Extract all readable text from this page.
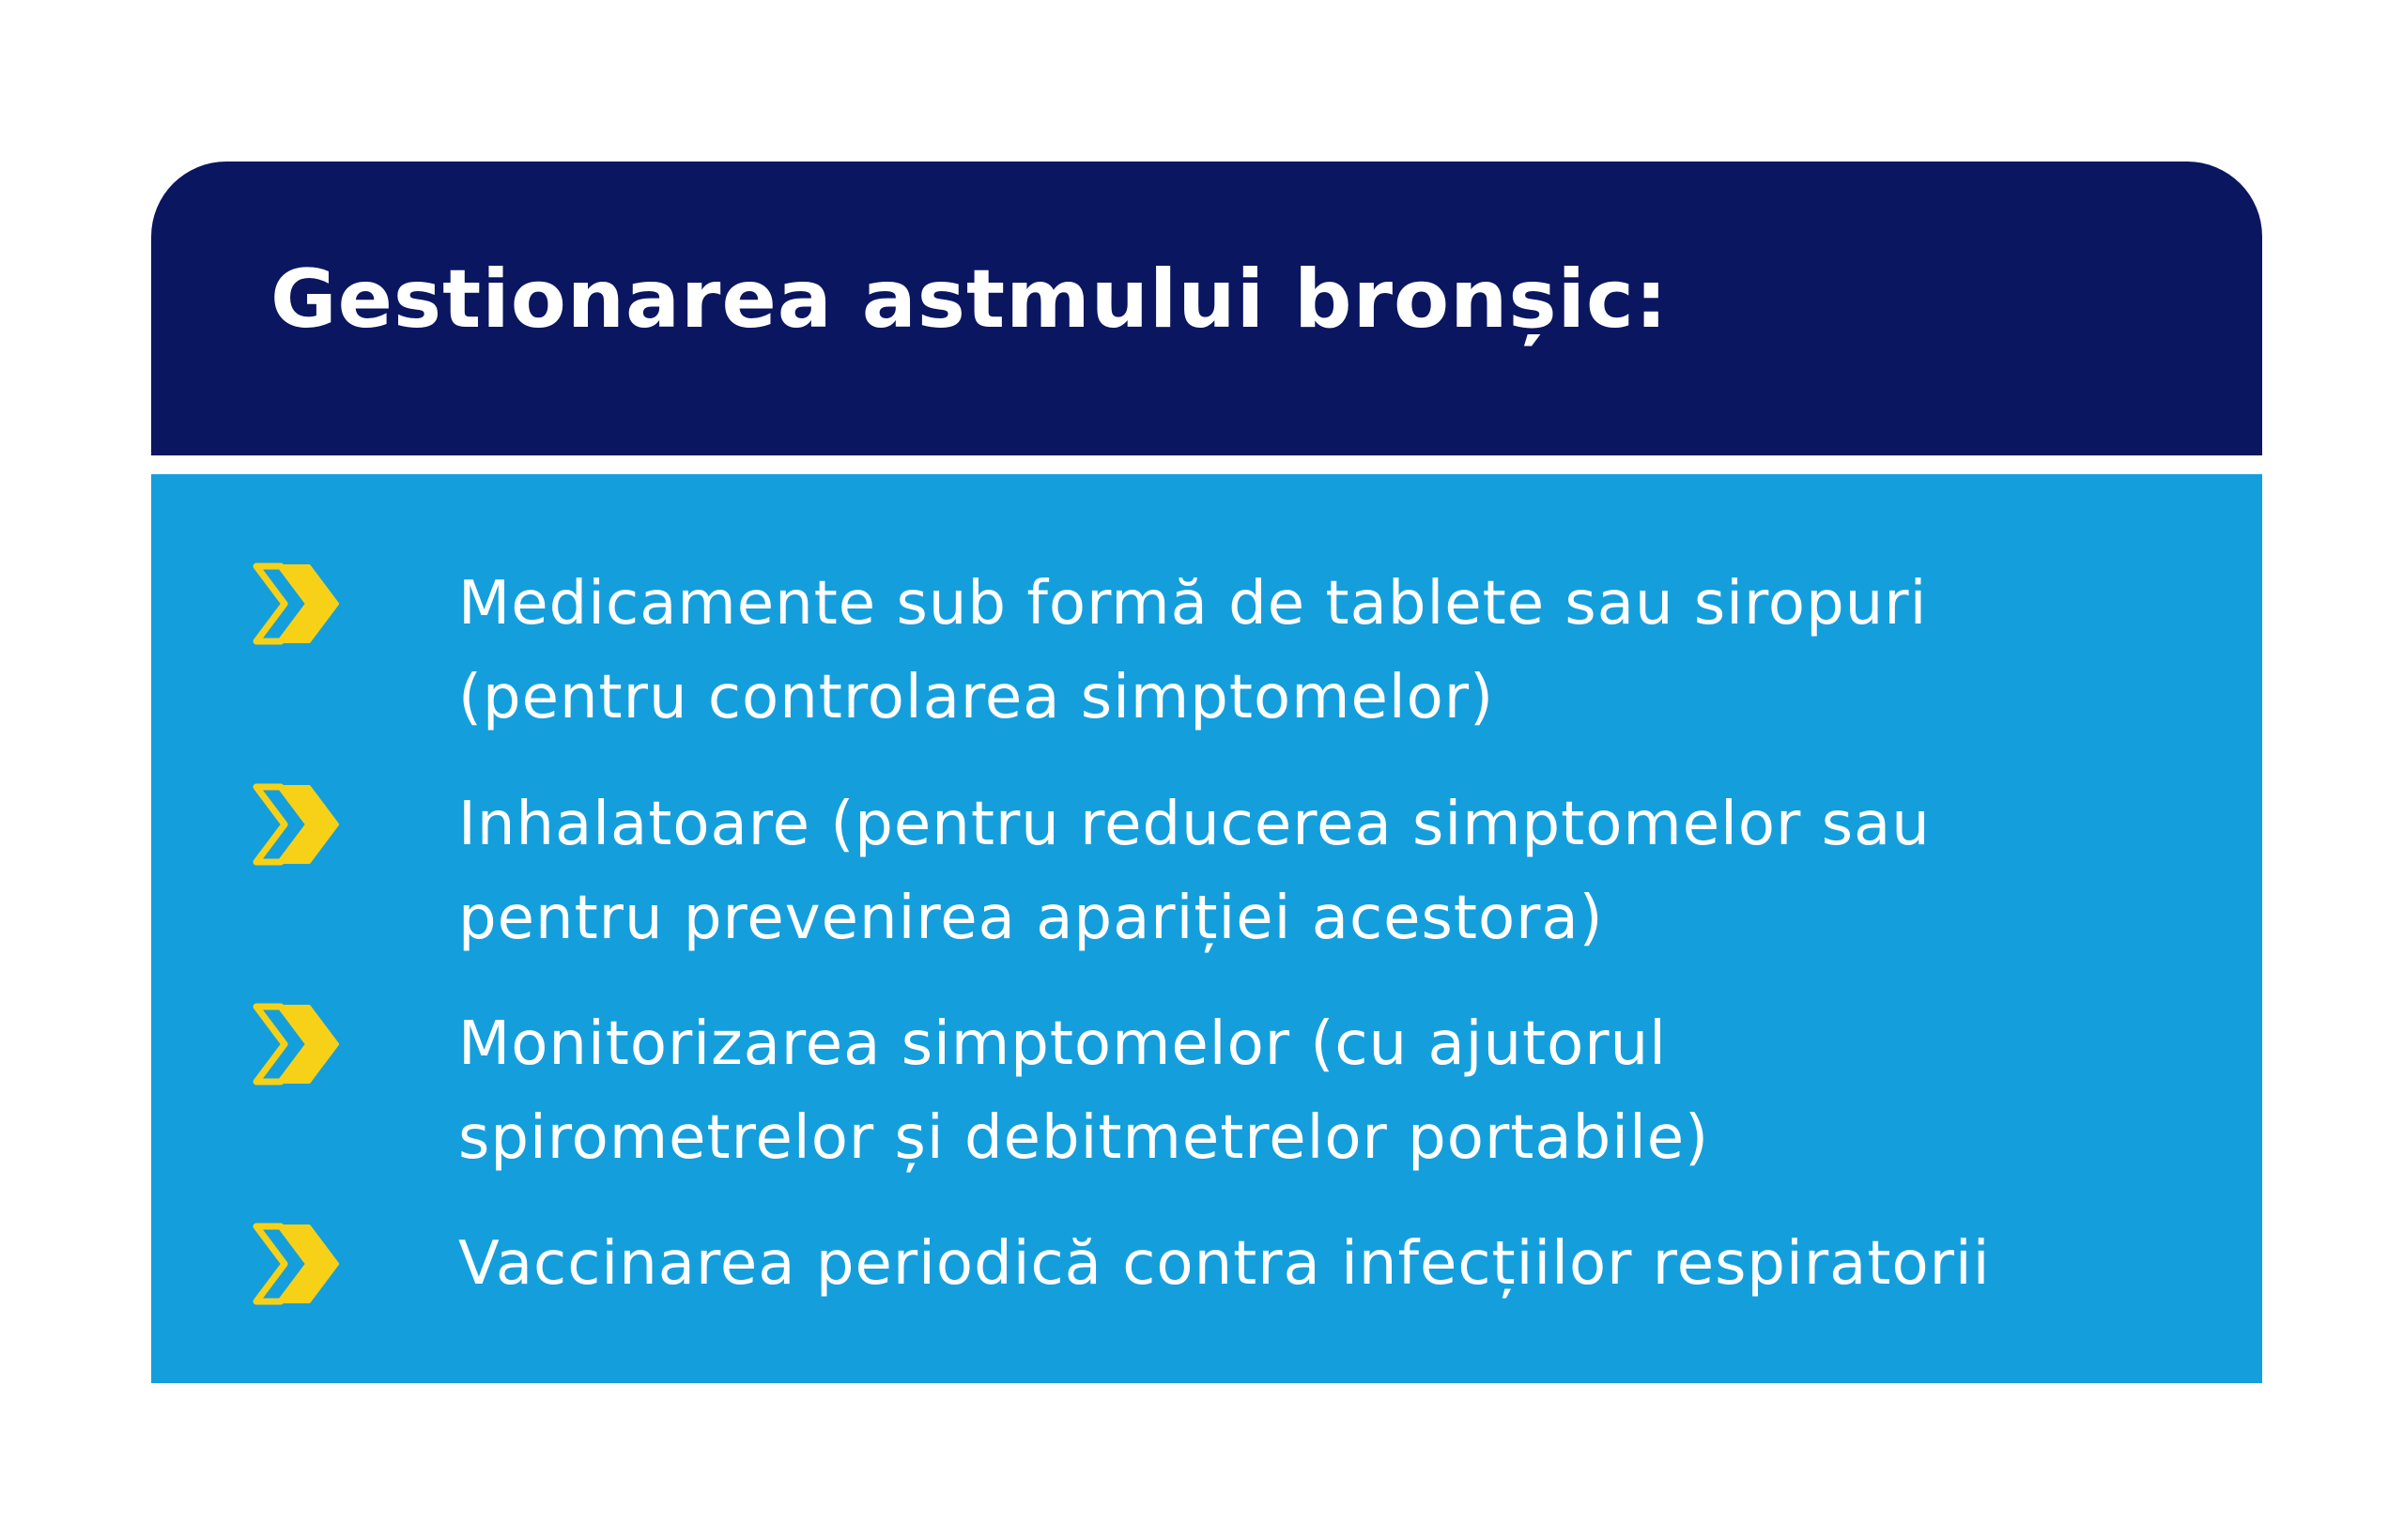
Gestionarea astmului bronșic:
Medicamente sub formă de tablete sau siropuri
(pentru controlarea simptomelor)
Inhalatoare (pentru reducerea simptomelor sau
pentru prevenirea apariției acestora)
Monitorizarea simptomelor (cu ajutorul
spirometrelor și debitmetrelor portabile)
Vaccinarea periodică contra infecțiilor respiratorii
